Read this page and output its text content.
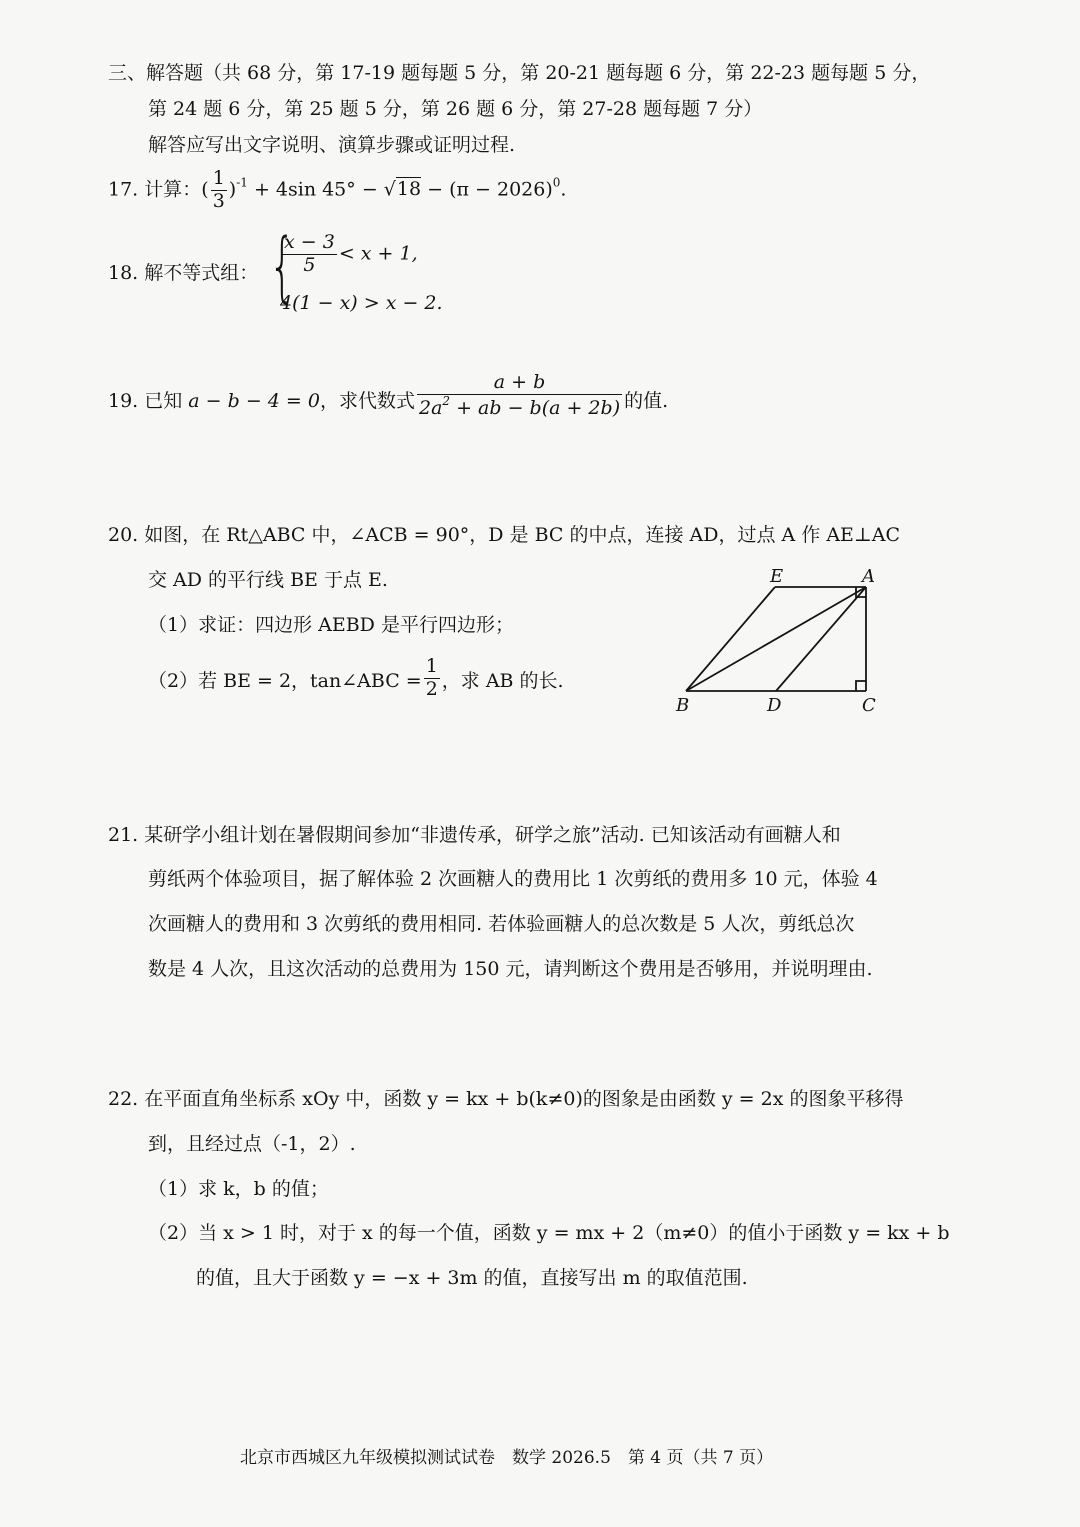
三、解答题（共 68 分，第 17-19 题每题 5 分，第 20-21 题每题 6 分，第 22-23 题每题 5 分，
第 24 题 6 分，第 25 题 5 分，第 26 题 6 分，第 27-28 题每题 7 分）
解答应写出文字说明、演算步骤或证明过程.
17. 计算：( $\frac{1}{3} )^{-1} + 4\sin$ $45^\circ - √18 - (\pi - 2026)^0$.
18. 解不等式组： {
$\frac{x - 3}{5} < x + 1$,
4(1 − x) > x − 2.
19. 已知 a − b − 4 = 0，求代数式 $\frac{a + b}{2a^2 + ab - b(a + 2b)}$ 的值.
20. 如图，在 Rt△ABC 中，∠ACB = 90°，D 是 BC 的中点，连接 AD，过点 A 作 AE⊥AC
交 AD 的平行线 BE 于点 E.
（1）求证：四边形 AEBD 是平行四边形；
（2）若 BE = 2，tan∠ABC = $\frac{1}{2}$ ，求 AB 的长.
E	A
B	D	C
21. 某研学小组计划在暑假期间参加“非遗传承，研学之旅”活动. 已知该活动有画糖人和
剪纸两个体验项目，据了解体验 2 次画糖人的费用比 1 次剪纸的费用多 10 元，体验 4
次画糖人的费用和 3 次剪纸的费用相同. 若体验画糖人的总次数是 5 人次，剪纸总次
数是 4 人次，且这次活动的总费用为 150 元，请判断这个费用是否够用，并说明理由.
22. 在平面直角坐标系 xOy 中，函数 y = kx + b(k≠0)的图象是由函数 y = 2x 的图象平移得
到，且经过点（-1，2）.
（1）求 k，b 的值；
（2）当 x > 1 时，对于 x 的每一个值，函数 y = mx + 2（m≠0）的值小于函数 y = kx + b
的值，且大于函数 y = −x + 3m 的值，直接写出 m 的取值范围.
北京市西城区九年级模拟测试试卷　数学 2026.5　第 4 页（共 7 页）
